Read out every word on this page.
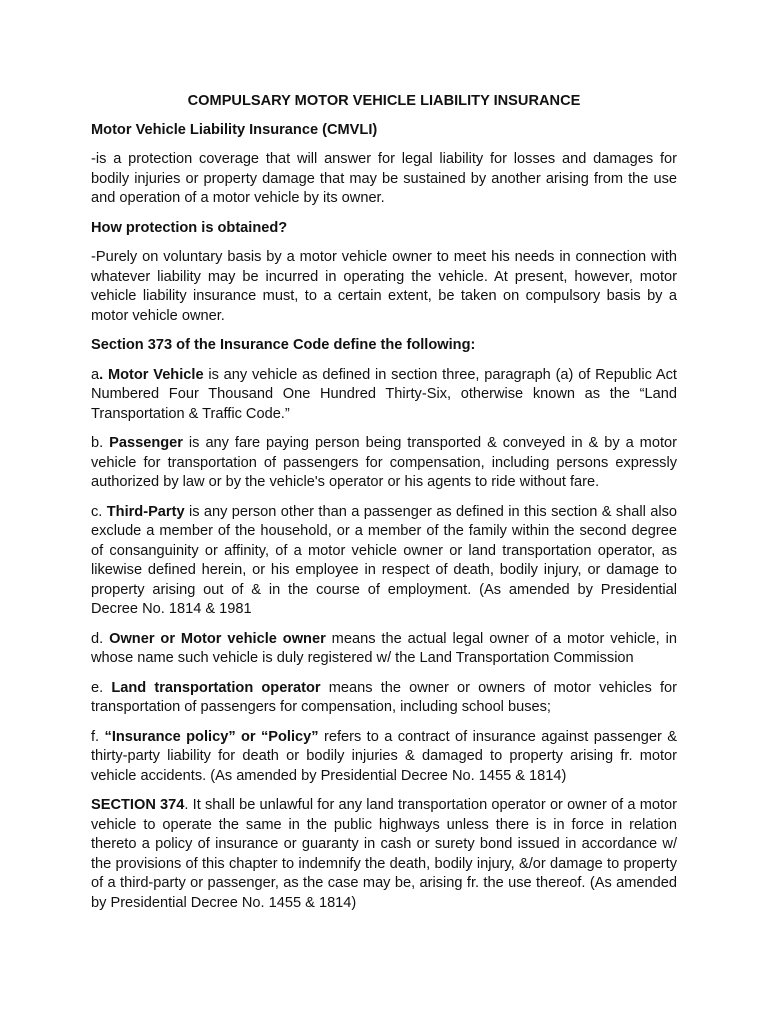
COMPULSARY MOTOR VEHICLE LIABILITY INSURANCE
Motor Vehicle Liability Insurance (CMVLI)
-is a protection coverage that will answer for legal liability for losses and damages for bodily injuries or property damage that may be sustained by another arising from the use and operation of a motor vehicle by its owner.
How protection is obtained?
-Purely on voluntary basis by a motor vehicle owner to meet his needs in connection with whatever liability may be incurred in operating the vehicle. At present, however, motor vehicle liability insurance must, to a certain extent, be taken on compulsory basis by a motor vehicle owner.
Section 373 of the Insurance Code define the following:
a. Motor Vehicle is any vehicle as defined in section three, paragraph (a) of Republic Act Numbered Four Thousand One Hundred Thirty-Six, otherwise known as the “Land Transportation & Traffic Code.”
b. Passenger is any fare paying person being transported & conveyed in & by a motor vehicle for transportation of passengers for compensation, including persons expressly authorized by law or by the vehicle's operator or his agents to ride without fare.
c. Third-Party is any person other than a passenger as defined in this section & shall also exclude a member of the household, or a member of the family within the second degree of consanguinity or affinity, of a motor vehicle owner or land transportation operator, as likewise defined herein, or his employee in respect of death, bodily injury, or damage to property arising out of & in the course of employment. (As amended by Presidential Decree No. 1814 & 1981
d. Owner or Motor vehicle owner means the actual legal owner of a motor vehicle, in whose name such vehicle is duly registered w/ the Land Transportation Commission
e. Land transportation operator means the owner or owners of motor vehicles for transportation of passengers for compensation, including school buses;
f. “Insurance policy” or “Policy” refers to a contract of insurance against passenger & thirty-party liability for death or bodily injuries & damaged to property arising fr. motor vehicle accidents. (As amended by Presidential Decree No. 1455 & 1814)
SECTION 374. It shall be unlawful for any land transportation operator or owner of a motor vehicle to operate the same in the public highways unless there is in force in relation thereto a policy of insurance or guaranty in cash or surety bond issued in accordance w/ the provisions of this chapter to indemnify the death, bodily injury, &/or damage to property of a third-party or passenger, as the case may be, arising fr. the use thereof. (As amended by Presidential Decree No. 1455 & 1814)
